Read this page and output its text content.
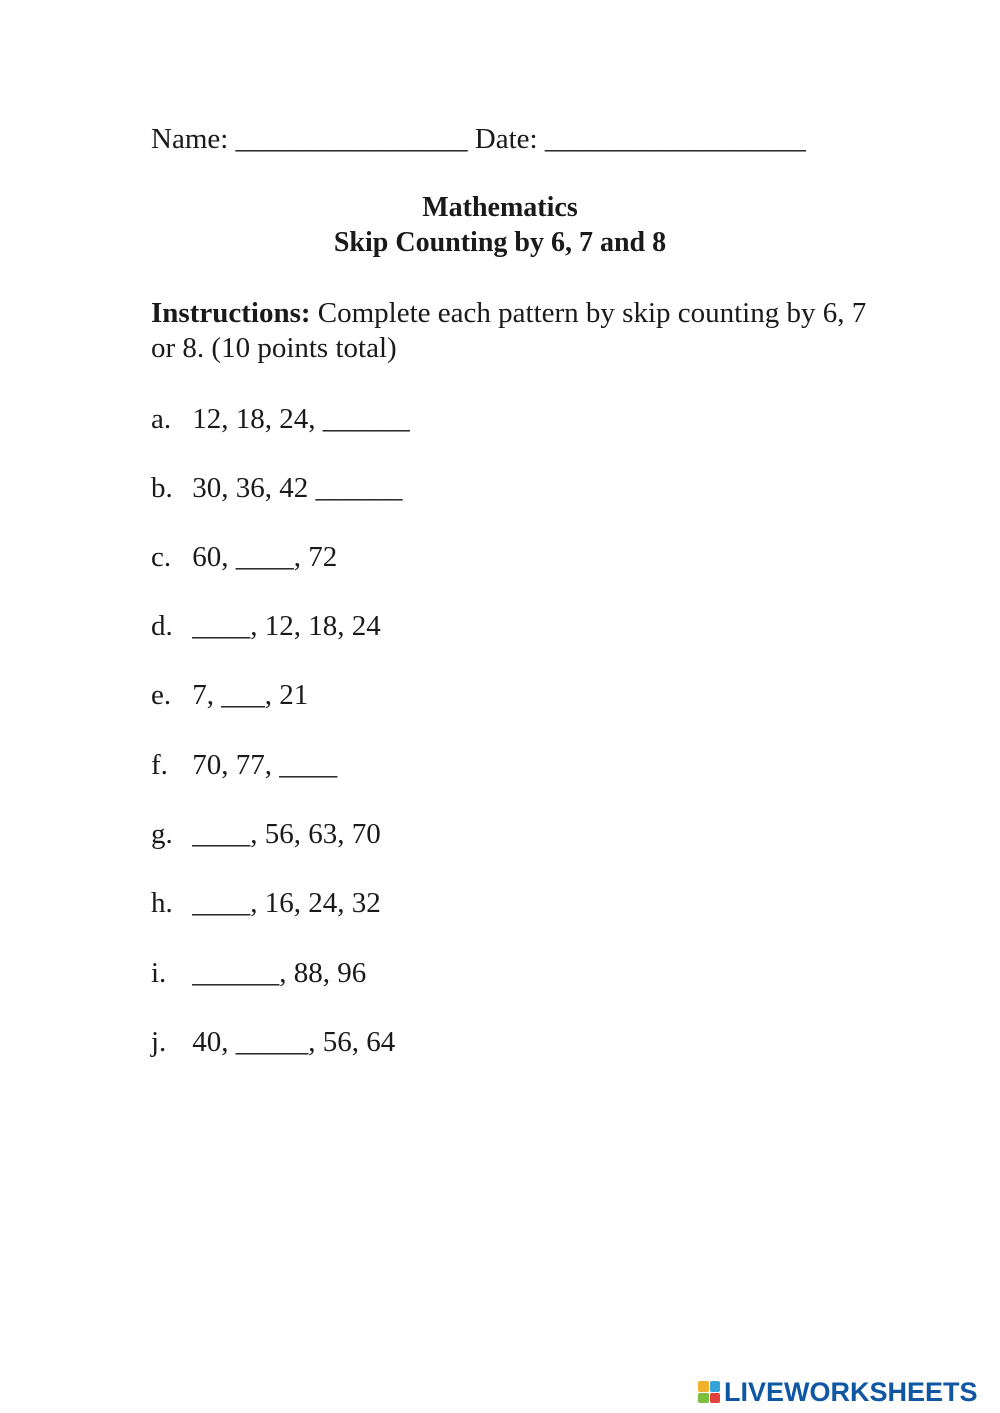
Name: ________________ Date: __________________
Mathematics
Skip Counting by 6, 7 and 8
Instructions: Complete each pattern by skip counting by 6, 7 or 8. (10 points total)
a. 12, 18, 24, ______
b. 30, 36, 42 ______
c. 60, ____, 72
d. ____, 12, 18, 24
e. 7, ___, 21
f. 70, 77, ____
g. ____, 56, 63, 70
h. ____, 16, 24, 32
i. ______, 88, 96
j. 40, _____, 56, 64
LIVEWORKSHEETS
